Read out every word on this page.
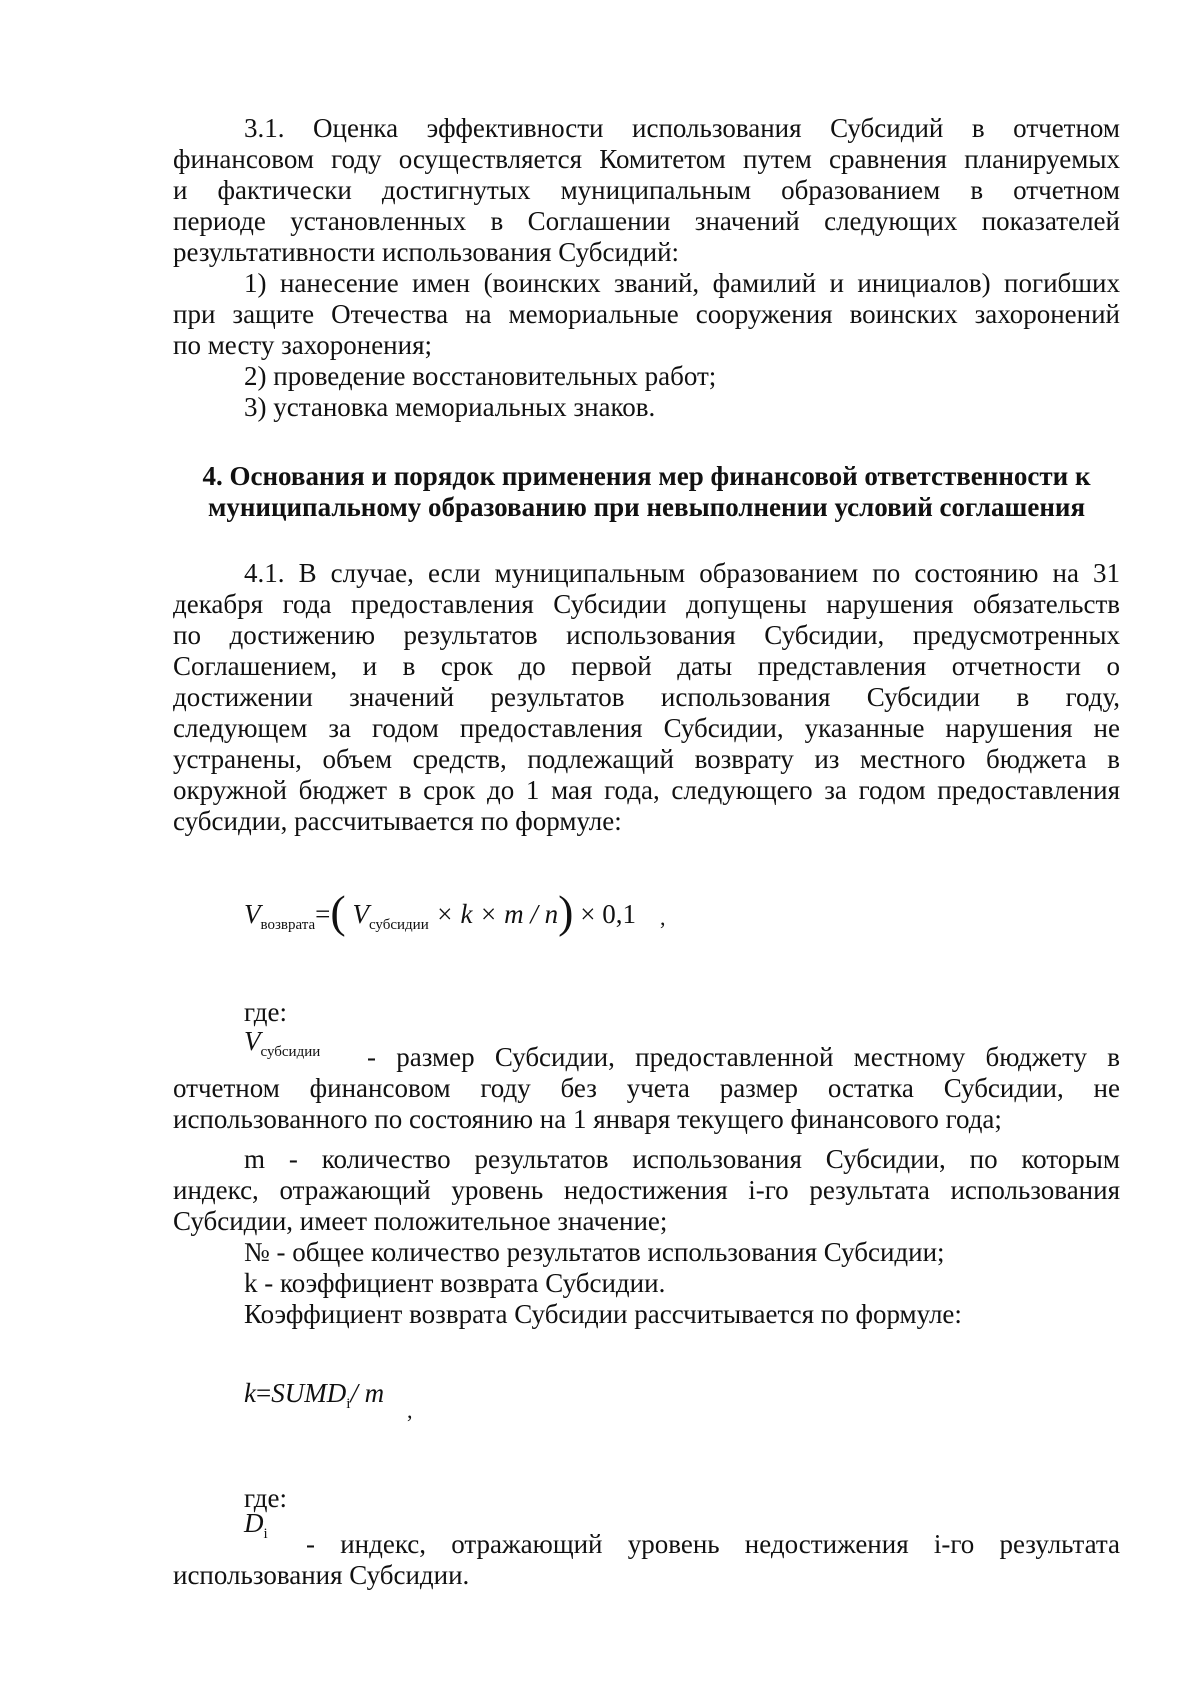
3.1. Оценка эффективности использования Субсидий в отчетном
финансовом году осуществляется Комитетом путем сравнения планируемых
и фактически достигнутых муниципальным образованием в отчетном
периоде установленных в Соглашении значений следующих показателей
результативности использования Субсидий:
1) нанесение имен (воинских званий, фамилий и инициалов) погибших
при защите Отечества на мемориальные сооружения воинских захоронений
по месту захоронения;
2) проведение восстановительных работ;
3) установка мемориальных знаков.
4. Основания и порядок применения мер финансовой ответственности к
муниципальному образованию при невыполнении условий соглашения
4.1. В случае, если муниципальным образованием по состоянию на 31
декабря года предоставления Субсидии допущены нарушения обязательств
по достижению результатов использования Субсидии, предусмотренных
Соглашением, и в срок до первой даты представления отчетности о
достижении значений результатов использования Субсидии в году,
следующем за годом предоставления Субсидии, указанные нарушения не
устранены, объем средств, подлежащий возврату из местного бюджета в
окружной бюджет в срок до 1 мая года, следующего за годом предоставления
субсидии, рассчитывается по формуле:
$V_{возврата}=$( $V_{субсидии} \times k \times m / n) \times 0,1$ ,
где:
$V_{субсидии}$ - размер Субсидии, предоставленной местному бюджету в
отчетном финансовом году без учета размер остатка Субсидии, не
использованного по состоянию на 1 января текущего финансового года;
m - количество результатов использования Субсидии, по которым
индекс, отражающий уровень недостижения i-го результата использования
Субсидии, имеет положительное значение;
№ - общее количество результатов использования Субсидии;
k - коэффициент возврата Субсидии.
Коэффициент возврата Субсидии рассчитывается по формуле:
$k=SUMD_i/$ m
,
где:
$D_i$ - индекс, отражающий уровень недостижения i-го результата
использования Субсидии.
